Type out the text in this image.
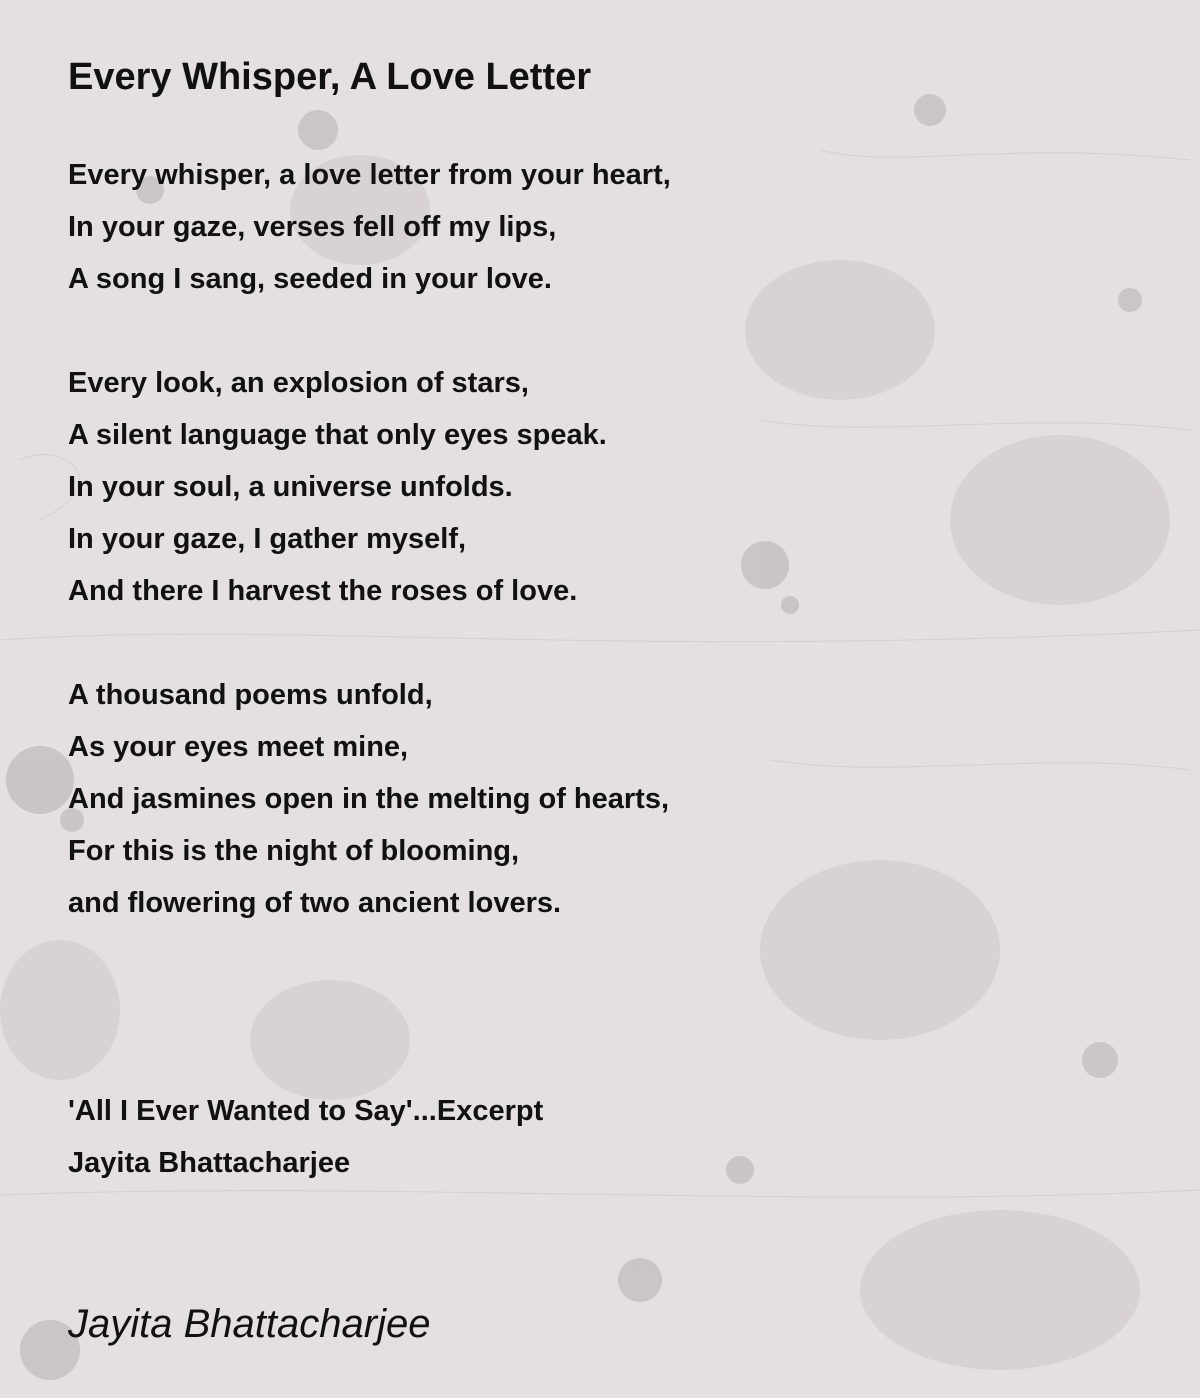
Every Whisper, A Love Letter
Every whisper, a love letter from your heart,
In your gaze, verses fell off my lips,
A song I sang, seeded in your love.
Every look, an explosion of stars,
A silent language that only eyes speak.
In your soul, a universe unfolds.
In your gaze, I gather myself,
And there I harvest the roses of love.
A thousand poems unfold,
As your eyes meet mine,
And jasmines open in the melting of hearts,
For this is the night of blooming,
and flowering of two ancient lovers.
'All I Ever Wanted to Say'...Excerpt
Jayita Bhattacharjee

Jayita Bhattacharjee
